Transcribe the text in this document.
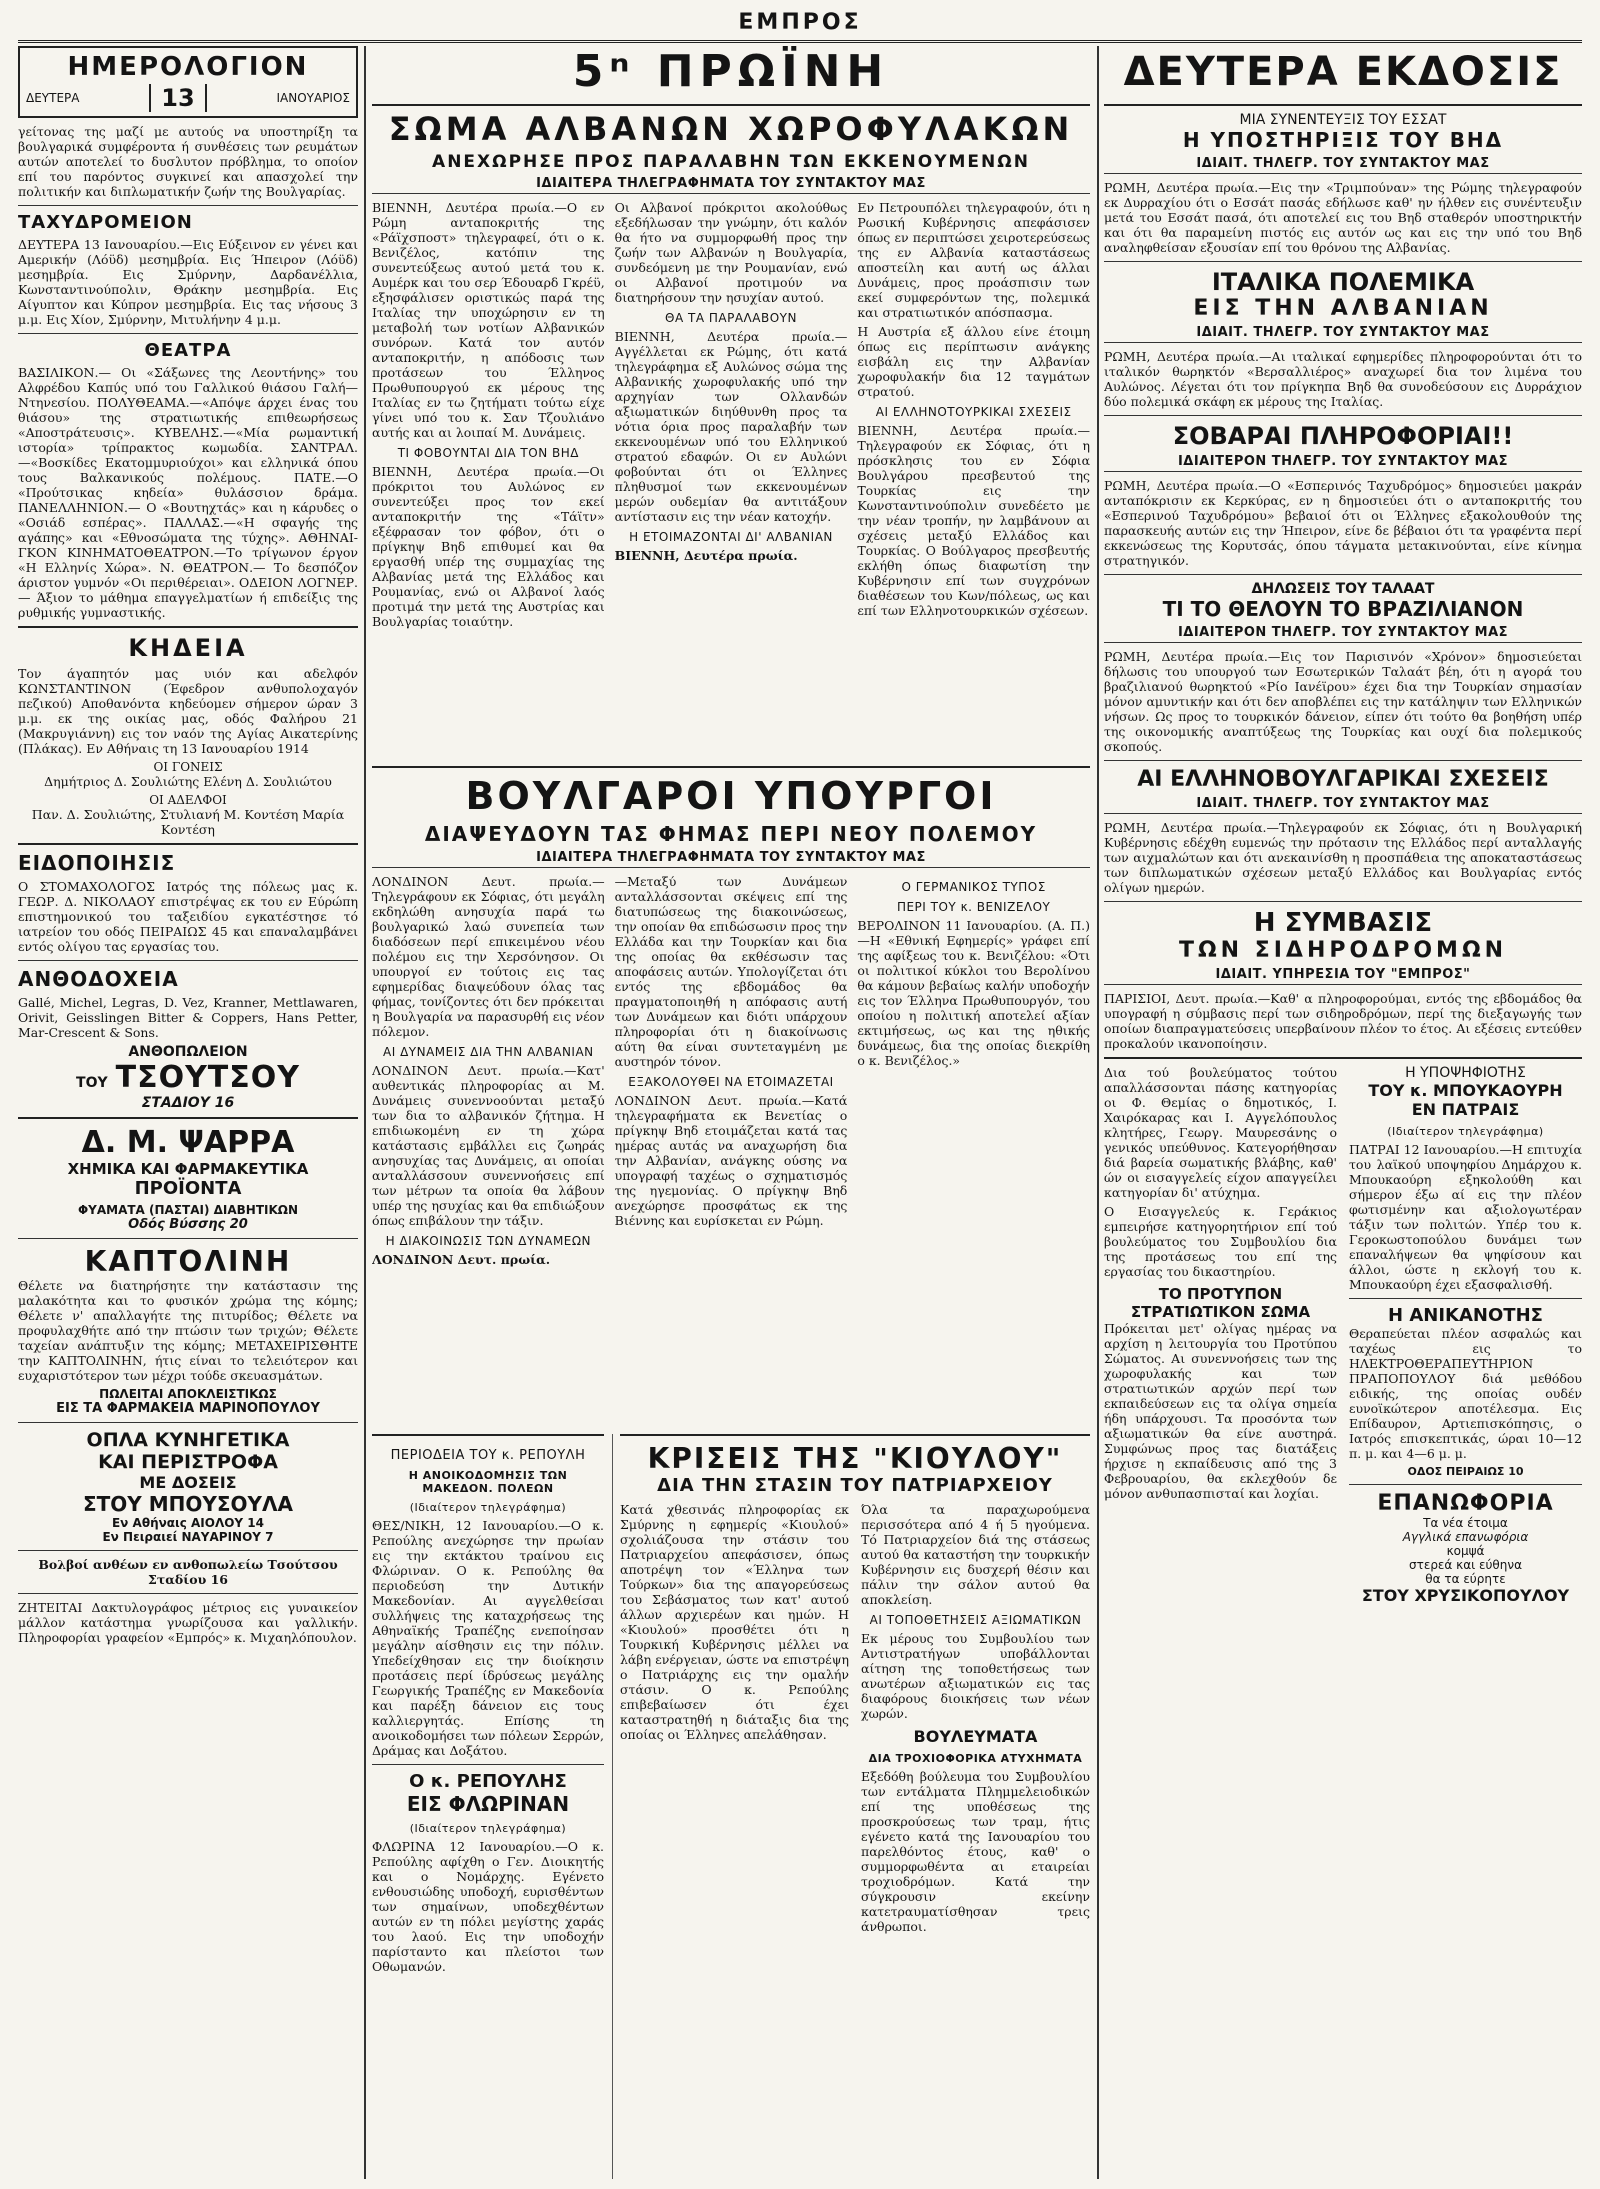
ΕΜΠΡΟΣ
ΗΜΕΡΟΛΟΓΙΟΝ
ΔΕΥΤΕΡΑ	13	ΙΑΝΟΥΑΡΙΟΣ

γείτονας της μαζί με αυτούς να υποστηρίξη τα βουλγαρικά συμφέροντα ή συνθέσεις των ρευμάτων αυτών αποτελεί το δυσλυτον πρόβλημα, το οποίον επί του παρόντος συγκινεί και απασχολεί την πολιτικήν και διπλωματικήν ζωήν της Βουλγαρίας.

ΤΑΧΥΔΡΟΜΕΙΟΝ

ΔΕΥΤΕΡΑ 13 Ιανουαρίου.—Εις Εύξεινον εν γένει και Αμερικήν (Λόϋδ) μεσημβρία. Εις Ήπειρον (Λόϋδ) μεσημβρία. Εις Σμύρνην, Δαρδανέλλια, Κωνσταντινούπολιν, Θράκην μεσημβρία. Εις Αίγυπτον και Κύπρον μεσημβρία. Εις τας νήσους 3 μ.μ. Εις Χίον, Σμύρνην, Μιτυλήνην 4 μ.μ.

ΘΕΑΤΡΑ

ΒΑΣΙΛΙΚΟΝ.— Οι «Σάξωνες της Λεοντήνης» του Αλφρέδου Καπύς υπό του Γαλλικού θιάσου Γαλή—Ντηνεσίου. ΠΟΛΥΘΕΑΜΑ.—«Απόψε άρχει ένας του θιάσου» της στρατιωτικής επιθεωρήσεως «Αποστράτευσις». ΚΥΒΕΛΗΣ.—«Μία ρωμαντική ιστορία» τρίπρακτος κωμωδία. ΣΑΝΤΡΑΛ.—«Βοσκίδες Εκατομμυριούχοι» και ελληνικά όπου τους Βαλκανικούς πολέμους. ΠΑΤΕ.—Ο «Προύτσικας κηδεία» θυλάσσιον δράμα. ΠΑΝΕΛΛΗΝΙΟΝ.— Ο «Βουτηχτάς» και η κάρυδες ο «Οσιάδ εσπέρας». ΠΑΛΛΑΣ.—«Η σφαγής της αγάπης» και «Εθνοσώματα της τύχης». ΑΘΗΝΑΙ-ΓΚΟΝ ΚΙΝΗΜΑΤΟΘΕΑΤΡΟΝ.—Το τρίγωνον έργον «Η Ελληνίς Χώρα». Ν. ΘΕΑΤΡΟΝ.— Το δεσπόζον άριστον γυμνόν «Οι περιθέρειαι». ΟΔΕΙΟΝ ΛΟΓΝΕΡ.— Άξιον το μάθημα επαγγελματίων ή επιδείξις της ρυθμικής γυμναστικής.

ΚΗΔΕΙΑ

Τον άγαπητόν μας υιόν και αδελφόν ΚΩΝΣΤΑΝΤΙΝΟΝ (Έφεδρον ανθυπολοχαγόν πεζικού) Αποθανόντα κηδεύομεν σήμερον ώραν 3 μ.μ. εκ της οικίας μας, οδός Φαλήρου 21 (Μακρυγιάννη) εις τον ναόν της Αγίας Αικατερίνης (Πλάκας). Εν Αθήναις τη 13 Ιανουαρίου 1914

ΟΙ ΓΟΝΕΙΣ

Δημήτριος Δ. Σουλιώτης Ελένη Δ. Σουλιώτου

ΟΙ ΑΔΕΛΦΟΙ

Παν. Δ. Σουλιώτης, Στυλιανή Μ. Κοντέση Μαρία Κοντέση

ΕΙΔΟΠΟΙΗΣΙΣ

Ο ΣΤΟΜΑΧΟΛΟΓΟΣ Ιατρός της πόλεως μας κ. ΓΕΩΡ. Δ. ΝΙΚΟΛΑΟΥ επιστρέψας εκ του εν Εύρώπη επιστημονικού του ταξειδίου εγκατέστησε τό ιατρείον του οδός ΠΕΙΡΑΙΩΣ 45 και επαναλαμβάνει εντός ολίγου τας εργασίας του.

ΑΝΘΟΔΟΧΕΙΑ

Gallé, Michel, Legras, D. Vez, Kranner, Mettlawaren, Orivit, Geisslingen Bitter & Coppers, Hans Petter, Mar-Crescent & Sons.

ΑΝΘΟΠΩΛΕΙΟΝ
ΤΟΥ ΤΣΟΥΤΣΟΥ
ΣΤΑΔΙΟΥ 16
Δ. Μ. ΨΑΡΡΑ
ΧΗΜΙΚΑ ΚΑΙ ΦΑΡΜΑΚΕΥΤΙΚΑ
ΠΡΟΪΟΝΤΑ
ΦΥΑΜΑΤΑ (ΠΑΣΤΑΙ) ΔΙΑΒΗΤΙΚΩΝ
Οδός Βύσσης 20
ΚΑΠΤΟΛΙΝΗ

Θέλετε να διατηρήσητε την κατάστασιν της μαλακότητα και το φυσικόν χρώμα της κόμης; Θέλετε ν' απαλλαγήτε της πιτυρίδος; Θέλετε να προφυλαχθήτε από την πτώσιν των τριχών; Θέλετε ταχείαν ανάπτυξιν της κόμης; ΜΕΤΑΧΕΙΡΙΣΘΗΤΕ την ΚΑΠΤΟΛΙΝΗΝ, ήτις είναι το τελειότερον και ευχαριστότερον των μέχρι τούδε σκευασμάτων.

ΠΩΛΕΙΤΑΙ ΑΠΟΚΛΕΙΣΤΙΚΩΣ
ΕΙΣ ΤΑ ΦΑΡΜΑΚΕΙΑ ΜΑΡΙΝΟΠΟΥΛΟΥ
ΟΠΛΑ ΚΥΝΗΓΕΤΙΚΑ
ΚΑΙ ΠΕΡΙΣΤΡΟΦΑ
ΜΕ ΔΟΣΕΙΣ
ΣΤΟΥ ΜΠΟΥΣΟΥΛΑ
Εν Αθήναις ΑΙΟΛΟΥ 14
Εν Πειραιεί ΝΑΥΑΡΙΝΟΥ 7

Βολβοί ανθέων εν ανθοπωλείω Τσούτσου Σταδίου 16

ΖΗΤΕΙΤΑΙ Δακτυλογράφος μέτριος εις γυναικείον μάλλον κατάστημα γνωρίζουσα και γαλλικήν. Πληροφορίαι γραφείον «Εμπρός» κ. Μιχαηλόπουλον.

5ⁿ ΠΡΩΪΝΗ
ΣΩΜΑ ΑΛΒΑΝΩΝ ΧΩΡΟΦΥΛΑΚΩΝ
ΑΝΕΧΩΡΗΣΕ ΠΡΟΣ ΠΑΡΑΛΑΒΗΝ ΤΩΝ ΕΚΚΕΝΟΥΜΕΝΩΝ
ΙΔΙΑΙΤΕΡΑ ΤΗΛΕΓΡΑΦΗΜΑΤΑ ΤΟΥ ΣΥΝΤΑΚΤΟΥ ΜΑΣ

ΒΙΕΝΝΗ, Δευτέρα πρωία.—Ο εν Ρώμη ανταποκριτής της «Ράϊχσποστ» τηλεγραφεί, ότι ο κ. Βενιζέλος, κατόπιν της συνεντεύξεως αυτού μετά του κ. Αυμέρκ και του σερ Έδουαρδ Γκρέϋ, εξησφάλισεν οριστικώς παρά της Ιταλίας την υποχώρησιν εν τη μεταβολή των νοτίων Αλβανικών συνόρων. Κατά τον αυτόν ανταποκριτήν, η απόδοσις των προτάσεων του Έλληνος Πρωθυπουργού εκ μέρους της Ιταλίας εν τω ζητήματι τούτω είχε γίνει υπό του κ. Σαν Τζουλιάνο αυτής και αι λοιπαί Μ. Δυνάμεις.

ΤΙ ΦΟΒΟΥΝΤΑΙ ΔΙΑ ΤΟΝ ΒΗΔ

ΒΙΕΝΝΗ, Δευτέρα πρωία.—Οι πρόκριτοι του Αυλώνος εν συνεντεύξει προς τον εκεί ανταποκριτήν της «Τάϊτν» εξέφρασαν τον φόβον, ότι ο πρίγκηψ Βηδ επιθυμεί και θα εργασθή υπέρ της συμμαχίας της Αλβανίας μετά της Ελλάδος και Ρουμανίας, ενώ οι Αλβανοί λαός προτιμά την μετά της Αυστρίας και Βουλγαρίας τοιαύτην.

Οι Αλβανοί πρόκριτοι ακολούθως εξεδήλωσαν την γνώμην, ότι καλόν θα ήτο να συμμορφωθή προς την ζωήν των Αλβανών η Βουλγαρία, συνδεόμενη με την Ρουμανίαν, ενώ οι Αλβανοί προτιμούν να διατηρήσουν την ησυχίαν αυτού.

ΘΑ ΤΑ ΠΑΡΑΛΑΒΟΥΝ

ΒΙΕΝΝΗ, Δευτέρα πρωία.—Αγγέλλεται εκ Ρώμης, ότι κατά τηλεγράφημα εξ Αυλώνος σώμα της Αλβανικής χωροφυλακής υπό την αρχηγίαν των Ολλανδών αξιωματικών διηύθυνθη προς τα νότια όρια προς παραλαβήν των εκκενουμένων υπό του Ελληνικού στρατού εδαφών. Οι εν Αυλώνι φοβούνται ότι οι Έλληνες πληθυσμοί των εκκενουμένων μερών ουδεμίαν θα αντιτάξουν αντίστασιν εις την νέαν κατοχήν.

Η ΕΤΟΙΜΑΖΟΝΤΑΙ ΔΙ' ΑΛΒΑΝΙΑΝ

ΒΙΕΝΝΗ, Δευτέρα πρωία.

Εν Πετρουπόλει τηλεγραφούν, ότι η Ρωσική Κυβέρνησις απεφάσισεν όπως εν περιπτώσει χειροτερεύσεως της εν Αλβανία καταστάσεως αποστείλη και αυτή ως άλλαι Δυνάμεις, προς προάσπισιν των εκεί συμφερόντων της, πολεμικά και στρατιωτικόν απόσπασμα.

Η Αυστρία εξ άλλου είνε έτοιμη όπως εις περίπτωσιν ανάγκης εισβάλη εις την Αλβανίαν χωροφυλακήν δια 12 ταγμάτων στρατού.

ΑΙ ΕΛΛΗΝΟΤΟΥΡΚΙΚΑΙ ΣΧΕΣΕΙΣ

ΒΙΕΝΝΗ, Δευτέρα πρωία.—Τηλεγραφούν εκ Σόφιας, ότι η πρόσκλησις του εν Σόφια Βουλγάρου πρεσβευτού της Τουρκίας εις την Κωνσταντινούπολιν συνεδέετο με την νέαν τροπήν, ην λαμβάνουν αι σχέσεις μεταξύ Ελλάδος και Τουρκίας. Ο Βούλγαρος πρεσβευτής εκλήθη όπως διαφωτίση την Κυβέρνησιν επί των συγχρόνων διαθέσεων του Κων/πόλεως, ως και επί των Ελληνοτουρκικών σχέσεων.

ΒΟΥΛΓΑΡΟΙ ΥΠΟΥΡΓΟΙ
ΔΙΑΨΕΥΔΟΥΝ ΤΑΣ ΦΗΜΑΣ ΠΕΡΙ ΝΕΟΥ ΠΟΛΕΜΟΥ
ΙΔΙΑΙΤΕΡΑ ΤΗΛΕΓΡΑΦΗΜΑΤΑ ΤΟΥ ΣΥΝΤΑΚΤΟΥ ΜΑΣ

ΛΟΝΔΙΝΟΝ Δευτ. πρωία.—Τηλεγράφουν εκ Σόφιας, ότι μεγάλη εκδηλώθη ανησυχία παρά τω βουλγαρικώ λαώ συνεπεία των διαδόσεων περί επικειμένου νέου πολέμου εις την Χερσόνησον. Οι υπουργοί εν τούτοις εις τας εφημερίδας διαψεύδουν όλας τας φήμας, τονίζοντες ότι δεν πρόκειται η Βουλγαρία να παρασυρθή εις νέον πόλεμον.

ΑΙ ΔΥΝΑΜΕΙΣ ΔΙΑ ΤΗΝ ΑΛΒΑΝΙΑΝ

ΛΟΝΔΙΝΟΝ Δευτ. πρωία.—Κατ' αυθεντικάς πληροφορίας αι Μ. Δυνάμεις συνεννοούνται μεταξύ των δια το αλβανικόν ζήτημα. Η επιδιωκομένη εν τη χώρα κατάστασις εμβάλλει εις ζωηράς ανησυχίας τας Δυνάμεις, αι οποίαι ανταλλάσσουν συνεννοήσεις επί των μέτρων τα οποία θα λάβουν υπέρ της ησυχίας και θα επιδιώξουν όπως επιβάλουν την τάξιν.

Η ΔΙΑΚΟΙΝΩΣΙΣ ΤΩΝ ΔΥΝΑΜΕΩΝ

ΛΟΝΔΙΝΟΝ Δευτ. πρωία.

—Μεταξύ των Δυνάμεων ανταλλάσσονται σκέψεις επί της διατυπώσεως της διακοινώσεως, την οποίαν θα επιδώσωσιν προς την Ελλάδα και την Τουρκίαν και δια της οποίας θα εκθέσωσιν τας αποφάσεις αυτών. Υπολογίζεται ότι εντός της εβδομάδος θα πραγματοποιηθή η απόφασις αυτή των Δυνάμεων και διότι υπάρχουν πληροφορίαι ότι η διακοίνωσις αύτη θα είναι συντεταγμένη με αυστηρόν τόνον.

ΕΞΑΚΟΛΟΥΘΕΙ ΝΑ ΕΤΟΙΜΑΖΕΤΑΙ

ΛΟΝΔΙΝΟΝ Δευτ. πρωία.—Κατά τηλεγραφήματα εκ Βενετίας ο πρίγκηψ Βηδ ετοιμάζεται κατά τας ημέρας αυτάς να αναχωρήση δια την Αλβανίαν, ανάγκης ούσης να υπογραφή ταχέως ο σχηματισμός της ηγεμονίας. Ο πρίγκηψ Βηδ ανεχώρησε προσφάτως εκ της Βιέννης και ευρίσκεται εν Ρώμη.

Ο ΓΕΡΜΑΝΙΚΟΣ ΤΥΠΟΣ
ΠΕΡΙ ΤΟΥ κ. ΒΕΝΙΖΕΛΟΥ

ΒΕΡΟΛΙΝΟΝ 11 Ιανουαρίου. (Α. Π.)—Η «Εθνική Εφημερίς» γράφει επί της αφίξεως του κ. Βενιζέλου: «Ότι οι πολιτικοί κύκλοι του Βερολίνου θα κάμουν βεβαίως καλήν υποδοχήν εις τον Έλληνα Πρωθυπουργόν, του οποίου η πολιτική αποτελεί αξίαν εκτιμήσεως, ως και της ηθικής δυνάμεως, δια της οποίας διεκρίθη ο κ. Βενιζέλος.»

ΠΕΡΙΟΔΕΙΑ ΤΟΥ κ. ΡΕΠΟΥΛΗ
Η ΑΝΟΙΚΟΔΟΜΗΣΙΣ ΤΩΝ ΜΑΚΕΔΟΝ. ΠΟΛΕΩΝ
(Ιδιαίτερον τηλεγράφημα)

ΘΕΣ/ΝΙΚΗ, 12 Ιανουαρίου.—Ο κ. Ρεπούλης ανεχώρησε την πρωίαν εις την εκτάκτου τραίνου εις Φλώριναν. Ο κ. Ρεπούλης θα περιοδεύση την Δυτικήν Μακεδονίαν. Αι αγγελθείσαι συλλήψεις της καταχρήσεως της Αθηναϊκής Τραπέζης ενεποίησαν μεγάλην αίσθησιν εις την πόλιν. Υπεδείχθησαν εις την διοίκησιν προτάσεις περί ίδρύσεως μεγάλης Γεωργικής Τραπέζης εν Μακεδονία και παρέξη δάνειον εις τους καλλιεργητάς. Επίσης τη ανοικοδομήσει των πόλεων Σερρών, Δράμας και Δοξάτου.

Ο κ. ΡΕΠΟΥΛΗΣ
ΕΙΣ ΦΛΩΡΙΝΑΝ
(Ιδιαίτερον τηλεγράφημα)

ΦΛΩΡΙΝΑ 12 Ιανουαρίου.—Ο κ. Ρεπούλης αφίχθη ο Γεν. Διοικητής και ο Νομάρχης. Εγένετο ενθουσιώδης υποδοχή, ευρισθέντων των σημαίνων, υποδεχθέντων αυτών εν τη πόλει μεγίστης χαράς του λαού. Εις την υποδοχήν παρίσταντο και πλείστοι των Οθωμανών.

ΚΡΙΣΕΙΣ ΤΗΣ "ΚΙΟΥΛΟΥ"
ΔΙΑ ΤΗΝ ΣΤΑΣΙΝ ΤΟΥ ΠΑΤΡΙΑΡΧΕΙΟΥ

Κατά χθεσινάς πληροφορίας εκ Σμύρνης η εφημερίς «Κιουλού» σχολιάζουσα την στάσιν του Πατριαρχείου απεφάσισεν, όπως αποτρέψη τον «Έλληνα των Τούρκων» δια της απαγορεύσεως του Σεβάσματος των κατ' αυτού άλλων αρχιερέων και ημών. Η «Κιουλού» προσθέτει ότι η Τουρκική Κυβέρνησις μέλλει να λάβη ενέργειαν, ώστε να επιστρέψη ο Πατριάρχης εις την ομαλήν στάσιν. Ο κ. Ρεπούλης επιβεβαίωσεν ότι έχει καταστρατηθή η διάταξις δια της οποίας οι Έλληνες απελάθησαν.

Όλα τα παραχωρούμενα περισσότερα από 4 ή 5 ηγούμενα. Τό Πατριαρχείον διά της στάσεως αυτού θα καταστήση την τουρκικήν Κυβέρνησιν εις δυσχερή θέσιν και πάλιν την σάλον αυτού θα αποκλείση.

ΑΙ ΤΟΠΟΘΕΤΗΣΕΙΣ ΑΞΙΩΜΑΤΙΚΩΝ

Εκ μέρους του Συμβουλίου των Αντιστρατήγων υποβάλλονται αίτηση της τοποθετήσεως των ανωτέρων αξιωματικών εις τας διαφόρους διοικήσεις των νέων χωρών.

ΒΟΥΛΕΥΜΑΤΑ
ΔΙΑ ΤΡΟΧΙΟΦΟΡΙΚΑ ΑΤΥΧΗΜΑΤΑ

Εξεδόθη βούλευμα του Συμβουλίου των εντάλματα Πλημμελειοδικών επί της υποθέσεως της προσκρούσεως των τραμ, ήτις εγένετο κατά της Ιανουαρίου του παρελθόντος έτους, καθ' ο συμμορφωθέντα αι εταιρείαι τροχιοδρόμων. Κατά την σύγκρουσιν εκείνην κατετραυματίσθησαν τρεις άνθρωποι.

ΔΕΥΤΕΡΑ ΕΚΔΟΣΙΣ
ΜΙΑ ΣΥΝΕΝΤΕΥΞΙΣ ΤΟΥ ΕΣΣΑΤ
Η ΥΠΟΣΤΗΡΙΞΙΣ ΤΟΥ ΒΗΔ
ΙΔΙΑΙΤ. ΤΗΛΕΓΡ. ΤΟΥ ΣΥΝΤΑΚΤΟΥ ΜΑΣ

ΡΩΜΗ, Δευτέρα πρωία.—Εις την «Τριμπούναν» της Ρώμης τηλεγραφούν εκ Δυρραχίου ότι ο Εσσάτ πασάς εδήλωσε καθ' ην ήλθεν εις συνέντευξιν μετά του Εσσάτ πασά, ότι αποτελεί εις του Βηδ σταθερόν υποστηρικτήν και ότι θα παραμείνη πιστός εις αυτόν ως και εις την υπό του Βηδ αναληφθείσαν εξουσίαν επί του θρόνου της Αλβανίας.

ΙΤΑΛΙΚΑ ΠΟΛΕΜΙΚΑ
ΕΙΣ ΤΗΝ ΑΛΒΑΝΙΑΝ
ΙΔΙΑΙΤ. ΤΗΛΕΓΡ. ΤΟΥ ΣΥΝΤΑΚΤΟΥ ΜΑΣ

ΡΩΜΗ, Δευτέρα πρωία.—Αι ιταλικαί εφημερίδες πληροφορούνται ότι το ιταλικόν θωρηκτόν «Βερσαλλιέρος» αναχωρεί δια τον λιμένα του Αυλώνος. Λέγεται ότι τον πρίγκηπα Βηδ θα συνοδεύσουν εις Δυρράχιον δύο πολεμικά σκάφη εκ μέρους της Ιταλίας.

ΣΟΒΑΡΑΙ ΠΛΗΡΟΦΟΡΙΑΙ!!
ΙΔΙΑΙΤΕΡΟΝ ΤΗΛΕΓΡ. ΤΟΥ ΣΥΝΤΑΚΤΟΥ ΜΑΣ

ΡΩΜΗ, Δευτέρα πρωία.—Ο «Εσπερινός Ταχυδρόμος» δημοσιεύει μακράν ανταπόκρισιν εκ Κερκύρας, εν η δημοσιεύει ότι ο ανταποκριτής του «Εσπερινού Ταχυδρόμου» βεβαιοί ότι οι Έλληνες εξακολουθούν της παρασκευής αυτών εις την Ήπειρον, είνε δε βέβαιοι ότι τα γραφέντα περί εκκενώσεως της Κορυτσάς, όπου τάγματα μετακινούνται, είνε κίνημα στρατηγικόν.

ΔΗΛΩΣΕΙΣ ΤΟΥ ΤΑΛΑΑΤ
ΤΙ ΤΟ ΘΕΛΟΥΝ ΤΟ ΒΡΑΖΙΛΙΑΝΟΝ
ΙΔΙΑΙΤΕΡΟΝ ΤΗΛΕΓΡ. ΤΟΥ ΣΥΝΤΑΚΤΟΥ ΜΑΣ

ΡΩΜΗ, Δευτέρα πρωία.—Εις τον Παρισινόν «Χρόνον» δημοσιεύεται δήλωσις του υπουργού των Εσωτερικών Ταλαάτ βέη, ότι η αγορά του βραζιλιανού θωρηκτού «Ρίο Ιανέϊρου» έχει δια την Τουρκίαν σημασίαν μόνον αμυντικήν και ότι δεν αποβλέπει εις την κατάληψιν των Ελληνικών νήσων. Ως προς το τουρκικόν δάνειον, είπεν ότι τούτο θα βοηθήση υπέρ της οικονομικής αναπτύξεως της Τουρκίας και ουχί δια πολεμικούς σκοπούς.

ΑΙ ΕΛΛΗΝΟΒΟΥΛΓΑΡΙΚΑΙ ΣΧΕΣΕΙΣ
ΙΔΙΑΙΤ. ΤΗΛΕΓΡ. ΤΟΥ ΣΥΝΤΑΚΤΟΥ ΜΑΣ

ΡΩΜΗ, Δευτέρα πρωία.—Τηλεγραφούν εκ Σόφιας, ότι η Βουλγαρική Κυβέρνησις εδέχθη ευμενώς την πρότασιν της Ελλάδος περί ανταλλαγής των αιχμαλώτων και ότι ανεκαινίσθη η προσπάθεια της αποκαταστάσεως των διπλωματικών σχέσεων μεταξύ Ελλάδος και Βουλγαρίας εντός ολίγων ημερών.

Η ΣΥΜΒΑΣΙΣ
ΤΩΝ ΣΙΔΗΡΟΔΡΟΜΩΝ
ΙΔΙΑΙΤ. ΥΠΗΡΕΣΙΑ ΤΟΥ "ΕΜΠΡΟΣ"

ΠΑΡΙΣΙΟΙ, Δευτ. πρωία.—Καθ' α πληροφορούμαι, εντός της εβδομάδος θα υπογραφή η σύμβασις περί των σιδηροδρόμων, περί της διεξαγωγής των οποίων διαπραγματεύσεις υπερβαίνουν πλέον το έτος. Αι εξέσεις εντεύθεν προκαλούν ικανοποίησιν.

Δια τού βουλεύματος τούτου απαλλάσσονται πάσης κατηγορίας οι Φ. Θεμίας ο δημοτικός, Ι. Χαιρόκαρας και Ι. Αγγελόπουλος κλητήρες, Γεωργ. Μαυρεσάνης ο γενικός υπεύθυνος. Κατεγορήθησαν διά βαρεία σωματικής βλάβης, καθ' ών οι εισαγγελείς είχον απαγγείλει κατηγορίαν δι' ατύχημα.

Ο Εισαγγελεύς κ. Γεράκιος εμπειρήσε κατηγορητήριον επί τού βουλεύματος του Συμβουλίου δια της προτάσεως του επί της εργασίας του δικαστηρίου.

ΤΟ ΠΡΟΤΥΠΟΝ
ΣΤΡΑΤΙΩΤΙΚΟΝ ΣΩΜΑ

Πρόκειται μετ' ολίγας ημέρας να αρχίση η λειτουργία του Προτύπου Σώματος. Αι συνεννοήσεις των της χωροφυλακής και των στρατιωτικών αρχών περί των εκπαιδεύσεων εις τα ολίγα σημεία ήδη υπάρχουσι. Τα προσόντα των αξιωματικών θα είνε αυστηρά. Συμφώνως προς τας διατάξεις ήρχισε η εκπαίδευσις από της 3 Φεβρουαρίου, θα εκλεχθούν δε μόνον ανθυπασπισταί και λοχίαι.

Η ΥΠΟΨΗΦΙΟΤΗΣ
ΤΟΥ κ. ΜΠΟΥΚΑΟΥΡΗ
ΕΝ ΠΑΤΡΑΙΣ
(Ιδιαίτερον τηλεγράφημα)

ΠΑΤΡΑΙ 12 Ιανουαρίου.—Η επιτυχία του λαϊκού υποψηφίου Δημάρχου κ. Μπουκαούρη εξηκολούθη και σήμερον έξω αί εις την πλέον φωτισμένην και αξιολογωτέραν τάξιν των πολιτών. Υπέρ του κ. Γεροκωστοπούλου δυνάμει των επαναλήψεων θα ψηφίσουν και άλλοι, ώστε η εκλογή του κ. Μπουκαούρη έχει εξασφαλισθή.

Η ΑΝΙΚΑΝΟΤΗΣ

Θεραπεύεται πλέον ασφαλώς και ταχέως εις το ΗΛΕΚΤΡΟΘΕΡΑΠΕΥΤΗΡΙΟΝ ΠΡΑΠΟΠΟΥΛΟΥ διά μεθόδου ειδικής, της οποίας ουδέν ευνοϊκώτερον αποτέλεσμα. Εις Επίδαυρον, Αρτιεπισκόπησις, ο Ιατρός επισκεπτικάς, ώραι 10—12 π. μ. και 4—6 μ. μ.

ΟΔΟΣ ΠΕΙΡΑΙΩΣ 10
ΕΠΑΝΩΦΟΡΙΑ
Τα νέα έτοιμα
Αγγλικά επανωφόρια
κομψά
στερεά και εύθηνα
θα τα εύρητε
ΣΤΟΥ ΧΡΥΣΙΚΟΠΟΥΛΟΥ
